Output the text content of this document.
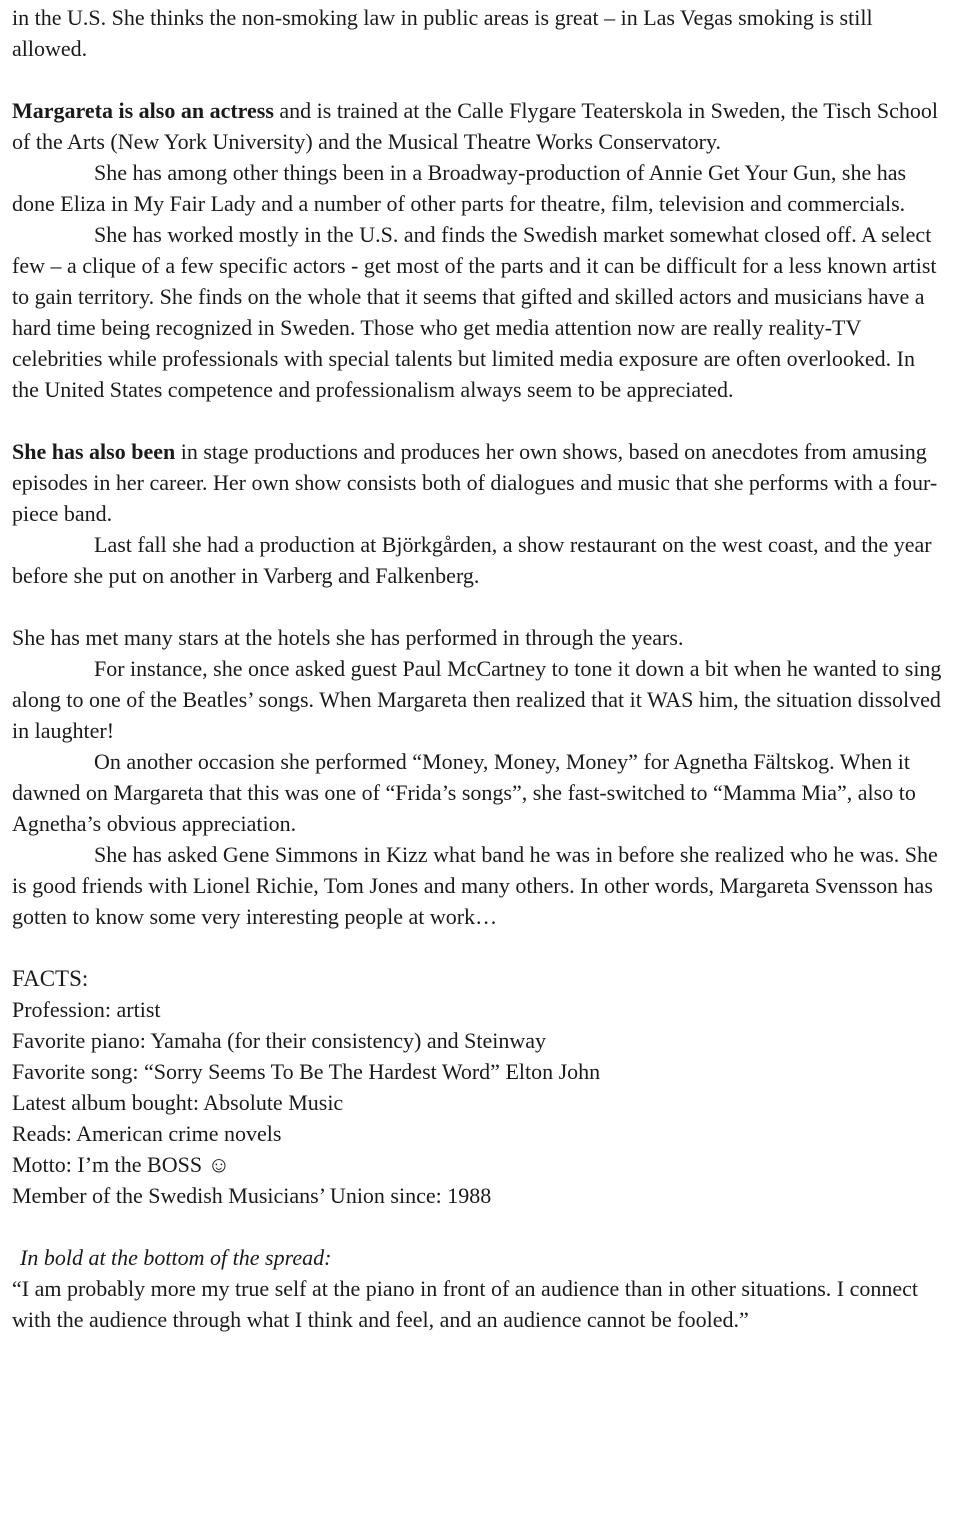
in the U.S. She thinks the non-smoking law in public areas is great – in Las Vegas smoking is still allowed.

Margareta is also an actress and is trained at the Calle Flygare Teaterskola in Sweden, the Tisch School of the Arts (New York University) and the Musical Theatre Works Conservatory.

She has among other things been in a Broadway-production of Annie Get Your Gun, she has done Eliza in My Fair Lady and a number of other parts for theatre, film, television and commercials.

She has worked mostly in the U.S. and finds the Swedish market somewhat closed off. A select few – a clique of a few specific actors - get most of the parts and it can be difficult for a less known artist to gain territory. She finds on the whole that it seems that gifted and skilled actors and musicians have a hard time being recognized in Sweden. Those who get media attention now are really reality-TV celebrities while professionals with special talents but limited media exposure are often overlooked. In the United States competence and professionalism always seem to be appreciated.

She has also been in stage productions and produces her own shows, based on anecdotes from amusing episodes in her career. Her own show consists both of dialogues and music that she performs with a four-piece band.

Last fall she had a production at Björkgården, a show restaurant on the west coast, and the year before she put on another in Varberg and Falkenberg.

She has met many stars at the hotels she has performed in through the years.

For instance, she once asked guest Paul McCartney to tone it down a bit when he wanted to sing along to one of the Beatles’ songs. When Margareta then realized that it WAS him, the situation dissolved in laughter!

On another occasion she performed “Money, Money, Money” for Agnetha Fältskog. When it dawned on Margareta that this was one of “Frida’s songs”, she fast-switched to “Mamma Mia”, also to Agnetha’s obvious appreciation.

She has asked Gene Simmons in Kizz what band he was in before she realized who he was. She is good friends with Lionel Richie, Tom Jones and many others. In other words, Margareta Svensson has gotten to know some very interesting people at work…

FACTS:

Profession: artist

Favorite piano: Yamaha (for their consistency) and Steinway

Favorite song: “Sorry Seems To Be The Hardest Word” Elton John

Latest album bought: Absolute Music

Reads: American crime novels

Motto: I’m the BOSS ☺

Member of the Swedish Musicians’ Union since: 1988

In bold at the bottom of the spread:

“I am probably more my true self at the piano in front of an audience than in other situations. I connect with the audience through what I think and feel, and an audience cannot be fooled.”
